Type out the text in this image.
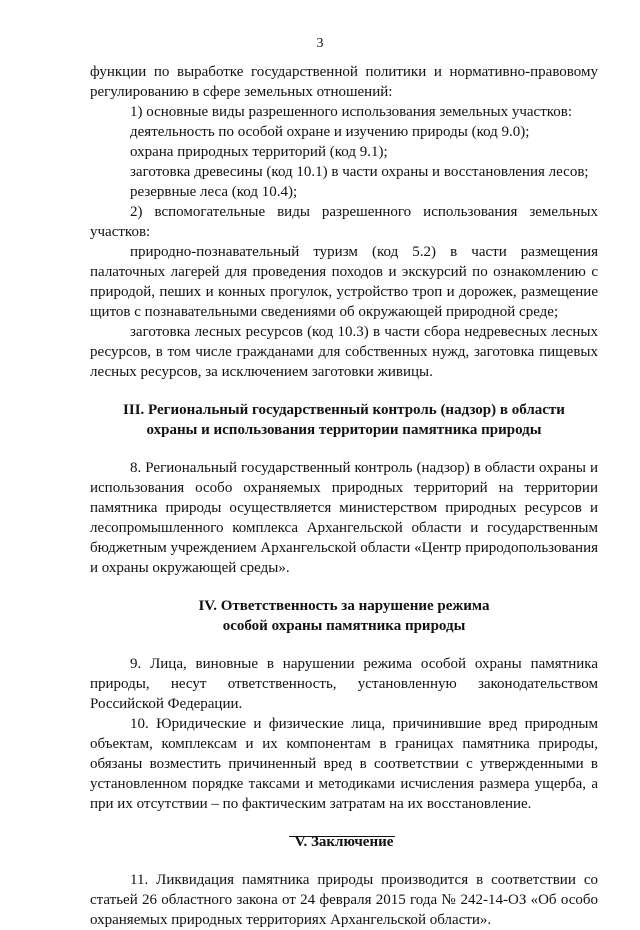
3

функции по выработке государственной политики и нормативно-правовому регулированию в сфере земельных отношений:

1) основные виды разрешенного использования земельных участков:

деятельность по особой охране и изучению природы (код 9.0);

охрана природных территорий (код 9.1);

заготовка древесины (код 10.1) в части охраны и восстановления лесов;

резервные леса (код 10.4);

2) вспомогательные виды разрешенного использования земельных участков:

природно-познавательный туризм (код 5.2) в части размещения палаточных лагерей для проведения походов и экскурсий по ознакомлению с природой, пеших и конных прогулок, устройство троп и дорожек, размещение щитов с познавательными сведениями об окружающей природной среде;

заготовка лесных ресурсов (код 10.3) в части сбора недревесных лесных ресурсов, в том числе гражданами для собственных нужд, заготовка пищевых лесных ресурсов, за исключением заготовки живицы.

III. Региональный государственный контроль (надзор) в области
охраны и использования территории памятника природы

8. Региональный государственный контроль (надзор) в области охраны и использования особо охраняемых природных территорий на территории памятника природы осуществляется министерством природных ресурсов и лесопромышленного комплекса Архангельской области и государственным бюджетным учреждением Архангельской области «Центр природопользования и охраны окружающей среды».

IV. Ответственность за нарушение режима
особой охраны памятника природы

9. Лица, виновные в нарушении режима особой охраны памятника природы, несут ответственность, установленную законодательством Российской Федерации.

10. Юридические и физические лица, причинившие вред природным объектам, комплексам и их компонентам в границах памятника природы, обязаны возместить причиненный вред в соответствии с утвержденными в установленном порядке таксами и методиками исчисления размера ущерба, а при их отсутствии – по фактическим затратам на их восстановление.

V. Заключение

11. Ликвидация памятника природы производится в соответствии со статьей 26 областного закона от 24 февраля 2015 года № 242-14-ОЗ «Об особо охраняемых природных территориях Архангельской области».
